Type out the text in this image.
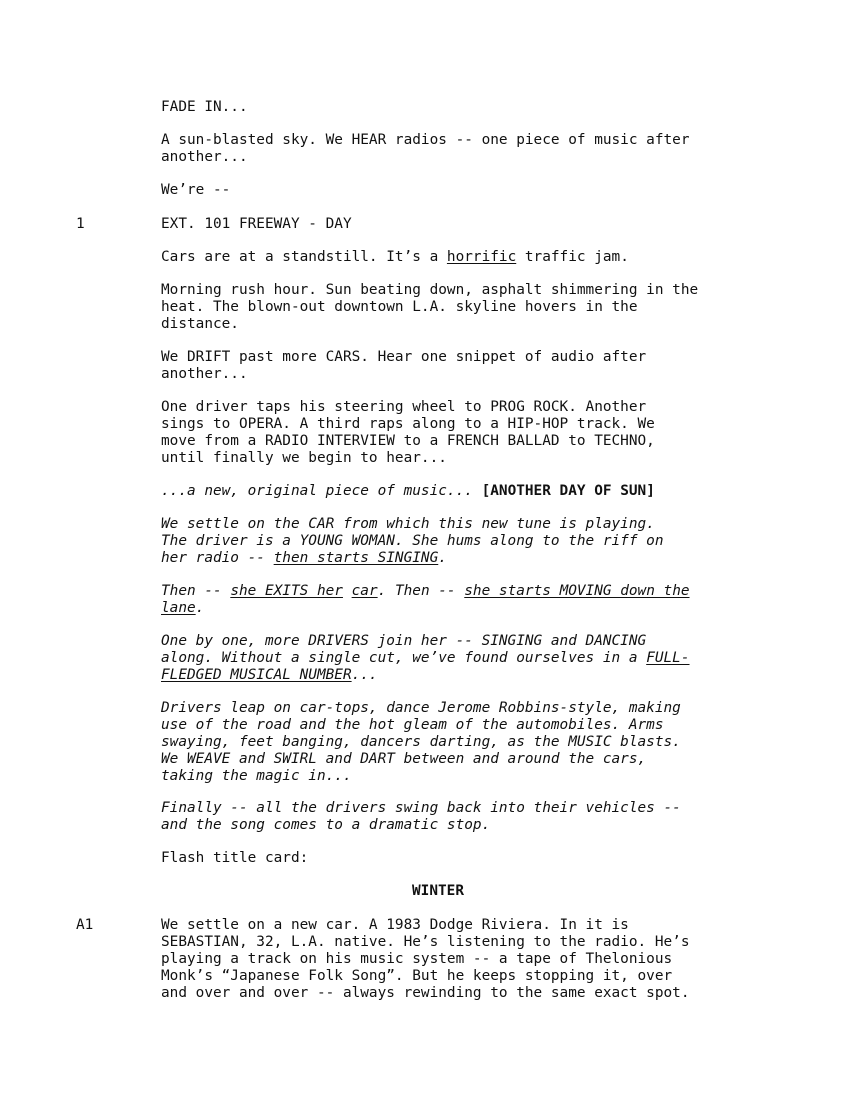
FADE IN...
A sun-blasted sky. We HEAR radios -- one piece of music after
another...
We’re --
1	EXT. 101 FREEWAY - DAY
Cars are at a standstill. It’s a horrific traffic jam.
Morning rush hour. Sun beating down, asphalt shimmering in the
heat. The blown-out downtown L.A. skyline hovers in the
distance.
We DRIFT past more CARS. Hear one snippet of audio after
another...
One driver taps his steering wheel to PROG ROCK. Another
sings to OPERA. A third raps along to a HIP-HOP track. We
move from a RADIO INTERVIEW to a FRENCH BALLAD to TECHNO,
until finally we begin to hear...
...a new, original piece of music... [ANOTHER DAY OF SUN]
We settle on the CAR from which this new tune is playing.
The driver is a YOUNG WOMAN. She hums along to the riff on
her radio -- then starts SINGING.
Then -- she EXITS her car. Then -- she starts MOVING down the
lane.
One by one, more DRIVERS join her -- SINGING and DANCING
along. Without a single cut, we’ve found ourselves in a FULL-
FLEDGED MUSICAL NUMBER...
Drivers leap on car-tops, dance Jerome Robbins-style, making
use of the road and the hot gleam of the automobiles. Arms
swaying, feet banging, dancers darting, as the MUSIC blasts.
We WEAVE and SWIRL and DART between and around the cars,
taking the magic in...
Finally -- all the drivers swing back into their vehicles --
and the song comes to a dramatic stop.
Flash title card:
WINTER
A1	We settle on a new car. A 1983 Dodge Riviera. In it is
SEBASTIAN, 32, L.A. native. He’s listening to the radio. He’s
playing a track on his music system -- a tape of Thelonious
Monk’s “Japanese Folk Song”. But he keeps stopping it, over
and over and over -- always rewinding to the same exact spot.
